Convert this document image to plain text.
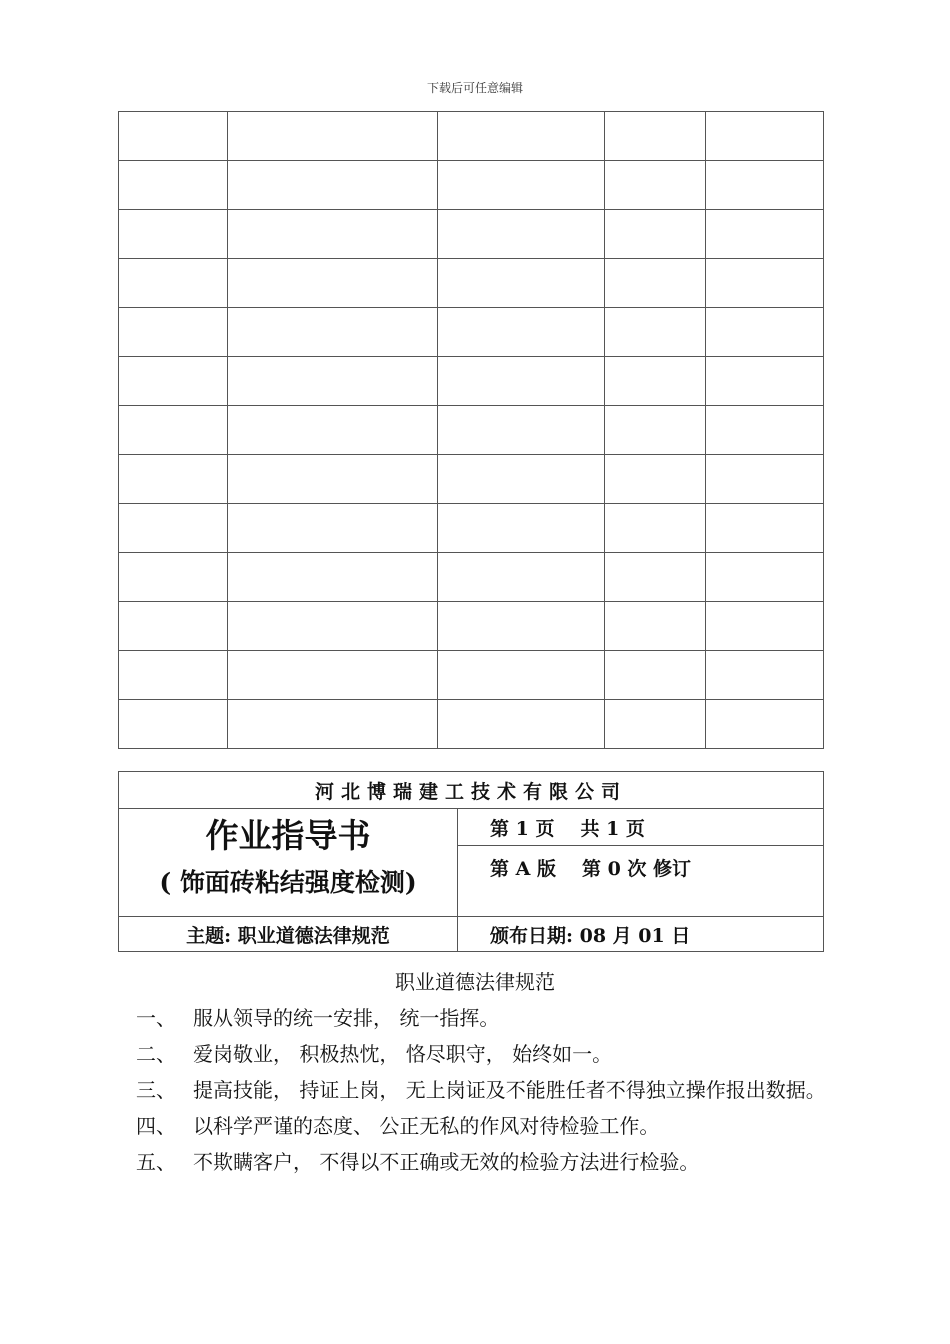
下载后可任意编辑

河北博瑞建工技术有限公司	

作业指导书
( 饰面砖粘结强度检测)	第 1 页 共 1 页
	第 A 版 第 0 次 修订
主题: 职业道德法律规范	颁布日期: 08 月 01 日
职业道德法律规范
一、 服从领导的统一安排， 统一指挥。
二、 爱岗敬业， 积极热忱， 恪尽职守， 始终如一。
三、 提高技能， 持证上岗， 无上岗证及不能胜任者不得独立操作报出数据。
四、 以科学严谨的态度、 公正无私的作风对待检验工作。
五、 不欺瞒客户， 不得以不正确或无效的检验方法进行检验。
